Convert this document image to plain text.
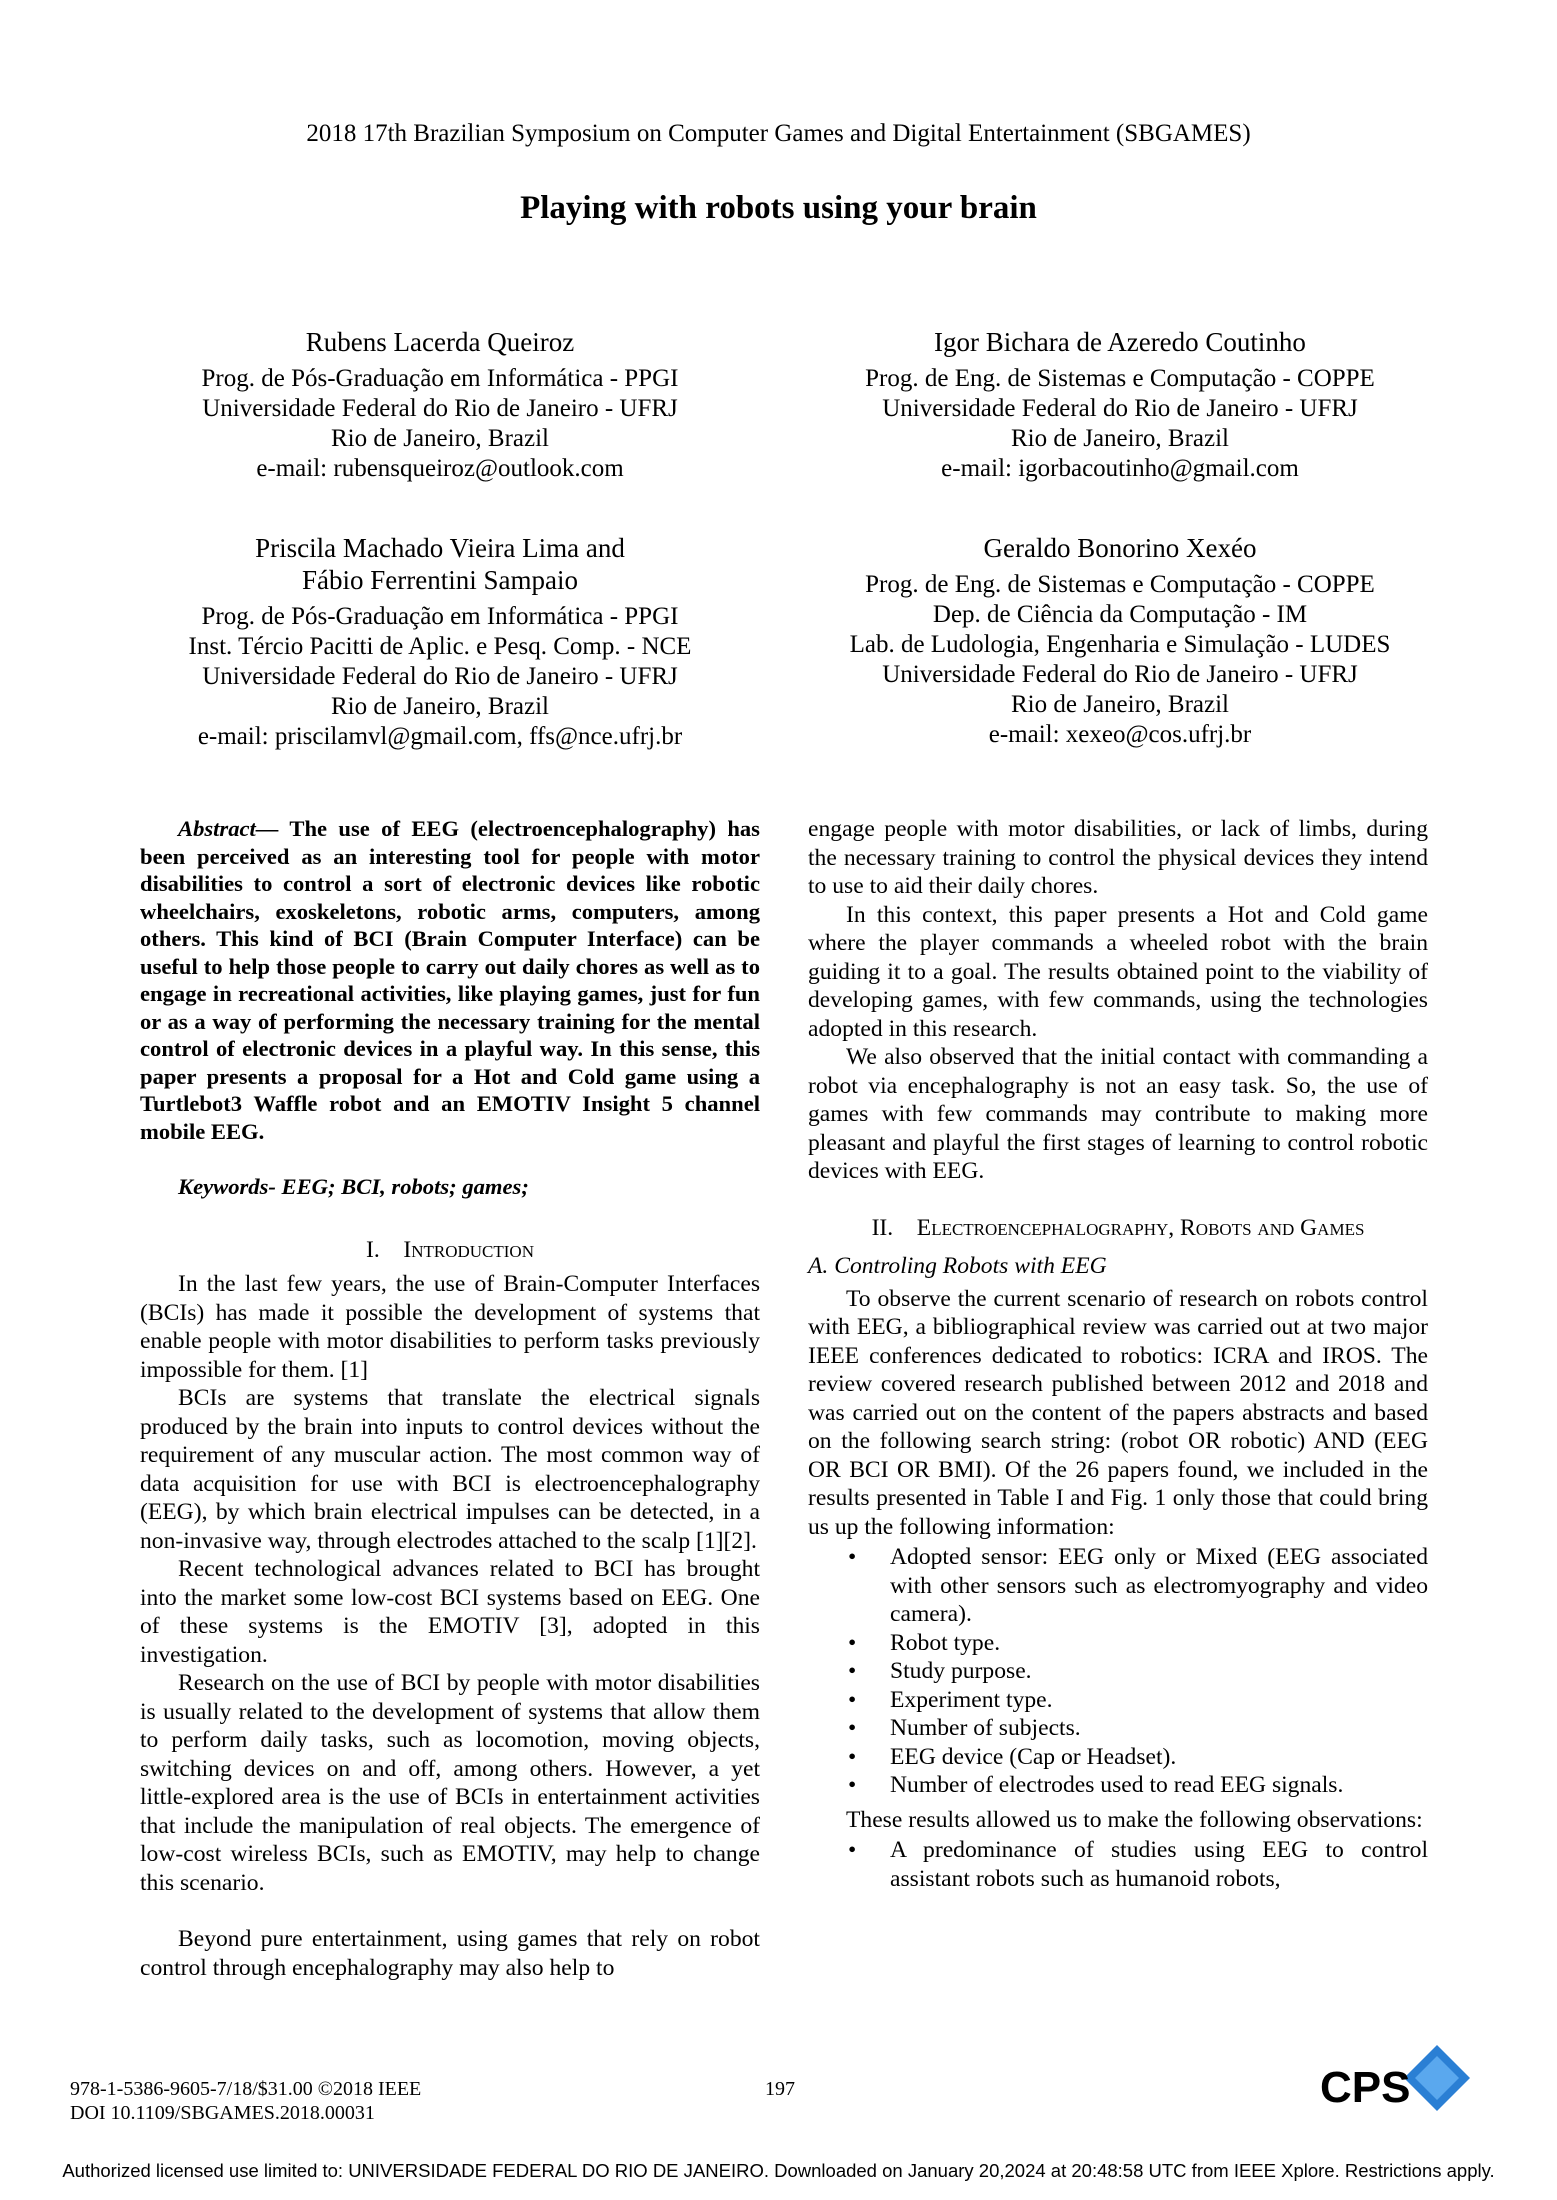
2018 17th Brazilian Symposium on Computer Games and Digital Entertainment (SBGAMES)
Playing with robots using your brain
Rubens Lacerda Queiroz
Prog. de Pós-Graduação em Informática - PPGI
Universidade Federal do Rio de Janeiro - UFRJ
Rio de Janeiro, Brazil
e-mail: rubensqueiroz@outlook.com
Igor Bichara de Azeredo Coutinho
Prog. de Eng. de Sistemas e Computação - COPPE
Universidade Federal do Rio de Janeiro - UFRJ
Rio de Janeiro, Brazil
e-mail: igorbacoutinho@gmail.com
Priscila Machado Vieira Lima and
Fábio Ferrentini Sampaio
Prog. de Pós-Graduação em Informática - PPGI
Inst. Tércio Pacitti de Aplic. e Pesq. Comp. - NCE
Universidade Federal do Rio de Janeiro - UFRJ
Rio de Janeiro, Brazil
e-mail: priscilamvl@gmail.com, ffs@nce.ufrj.br
Geraldo Bonorino Xexéo
Prog. de Eng. de Sistemas e Computação - COPPE
Dep. de Ciência da Computação - IM
Lab. de Ludologia, Engenharia e Simulação - LUDES
Universidade Federal do Rio de Janeiro - UFRJ
Rio de Janeiro, Brazil
e-mail: xexeo@cos.ufrj.br

Abstract— The use of EEG (electroencephalography) has been perceived as an interesting tool for people with motor disabilities to control a sort of electronic devices like robotic wheelchairs, exoskeletons, robotic arms, computers, among others. This kind of BCI (Brain Computer Interface) can be useful to help those people to carry out daily chores as well as to engage in recreational activities, like playing games, just for fun or as a way of performing the necessary training for the mental control of electronic devices in a playful way. In this sense, this paper presents a proposal for a Hot and Cold game using a Turtlebot3 Waffle robot and an EMOTIV Insight 5 channel mobile EEG.

Keywords- EEG; BCI, robots; games;

I. Introduction

In the last few years, the use of Brain-Computer Interfaces (BCIs) has made it possible the development of systems that enable people with motor disabilities to perform tasks previously impossible for them. [1]

BCIs are systems that translate the electrical signals produced by the brain into inputs to control devices without the requirement of any muscular action. The most common way of data acquisition for use with BCI is electroencephalography (EEG), by which brain electrical impulses can be detected, in a non-invasive way, through electrodes attached to the scalp [1][2].

Recent technological advances related to BCI has brought into the market some low-cost BCI systems based on EEG. One of these systems is the EMOTIV [3], adopted in this investigation.

Research on the use of BCI by people with motor disabilities is usually related to the development of systems that allow them to perform daily tasks, such as locomotion, moving objects, switching devices on and off, among others. However, a yet little-explored area is the use of BCIs in entertainment activities that include the manipulation of real objects. The emergence of low-cost wireless BCIs, such as EMOTIV, may help to change this scenario.

Beyond pure entertainment, using games that rely on robot control through encephalography may also help to

engage people with motor disabilities, or lack of limbs, during the necessary training to control the physical devices they intend to use to aid their daily chores.

In this context, this paper presents a Hot and Cold game where the player commands a wheeled robot with the brain guiding it to a goal. The results obtained point to the viability of developing games, with few commands, using the technologies adopted in this research.

We also observed that the initial contact with commanding a robot via encephalography is not an easy task. So, the use of games with few commands may contribute to making more pleasant and playful the first stages of learning to control robotic devices with EEG.

II. Electroencephalography, Robots and Games
A. Controling Robots with EEG

To observe the current scenario of research on robots control with EEG, a bibliographical review was carried out at two major IEEE conferences dedicated to robotics: ICRA and IROS. The review covered research published between 2012 and 2018 and was carried out on the content of the papers abstracts and based on the following search string: (robot OR robotic) AND (EEG OR BCI OR BMI). Of the 26 papers found, we included in the results presented in Table I and Fig. 1 only those that could bring us up the following information:

• Adopted sensor: EEG only or Mixed (EEG associated with other sensors such as electromyography and video camera).
• Robot type.
• Study purpose.
• Experiment type.
• Number of subjects.
• EEG device (Cap or Headset).
• Number of electrodes used to read EEG signals.

These results allowed us to make the following observations:

• A predominance of studies using EEG to control assistant robots such as humanoid robots,
978-1-5386-9605-7/18/$31.00 ©2018 IEEE
DOI 10.1109/SBGAMES.2018.00031
197	CPS
Authorized licensed use limited to: UNIVERSIDADE FEDERAL DO RIO DE JANEIRO. Downloaded on January 20,2024 at 20:48:58 UTC from IEEE Xplore. Restrictions apply.
